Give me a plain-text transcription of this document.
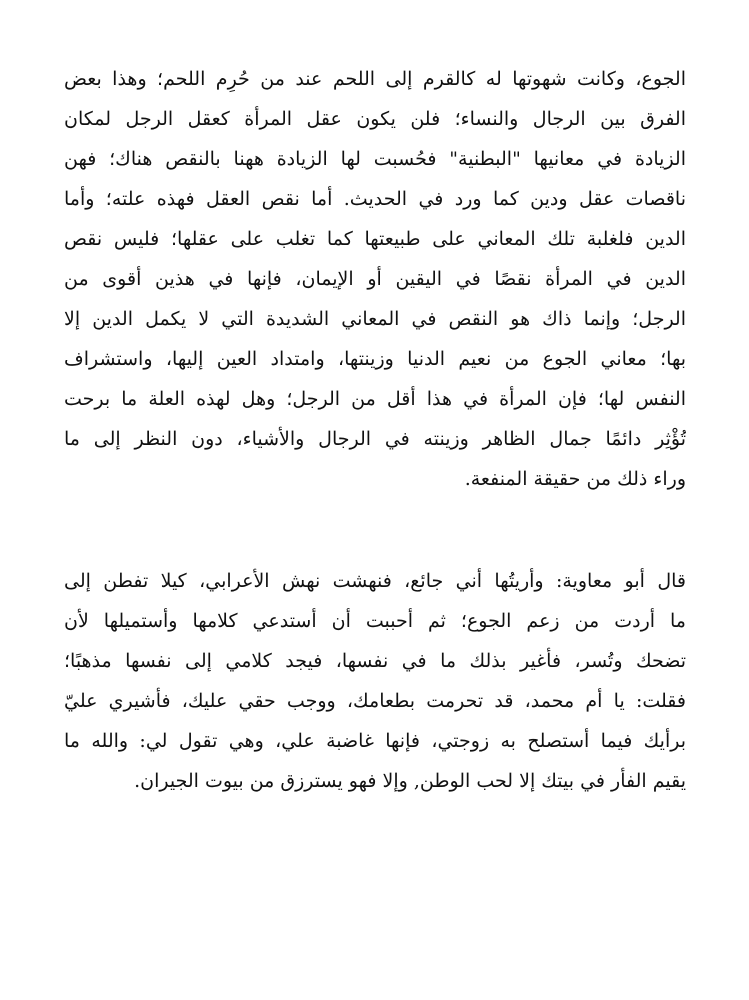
الجوع، وكانت شهوتها له كالقرم إلى اللحم عند من حُرِم اللحم؛ وهذا بعض
الفرق بين الرجال والنساء؛ فلن يكون عقل المرأة كعقل الرجل لمكان
الزيادة في معانيها "البطنية" فحُسبت لها الزيادة ههنا بالنقص هناك؛ فهن
ناقصات عقل ودين كما ورد في الحديث. أما نقص العقل فهذه علته؛ وأما
الدين فلغلبة تلك المعاني على طبيعتها كما تغلب على عقلها؛ فليس نقص
الدين في المرأة نقصًا في اليقين أو الإيمان، فإنها في هذين أقوى من
الرجل؛ وإنما ذاك هو النقص في المعاني الشديدة التي لا يكمل الدين إلا
بها؛ معاني الجوع من نعيم الدنيا وزينتها، وامتداد العين إليها، واستشراف
النفس لها؛ فإن المرأة في هذا أقل من الرجل؛ وهل لهذه العلة ما برحت
تُؤْثِر دائمًا جمال الظاهر وزينته في الرجال والأشياء، دون النظر إلى ما
وراء ذلك من حقيقة المنفعة.
قال أبو معاوية: وأريتُها أني جائع، فنهشت نهش الأعرابي، كيلا تفطن إلى
ما أردت من زعم الجوع؛ ثم أحببت أن أستدعي كلامها وأستميلها لأن
تضحك وتُسر، فأغير بذلك ما في نفسها، فيجد كلامي إلى نفسها مذهبًا؛
فقلت: يا أم محمد، قد تحرمت بطعامك، ووجب حقي عليك، فأشيري عليّ
برأيك فيما أستصلح به زوجتي، فإنها غاضبة علي، وهي تقول لي: والله ما
يقيم الفأر في بيتك إلا لحب الوطن, وإلا فهو يسترزق من بيوت الجيران.
